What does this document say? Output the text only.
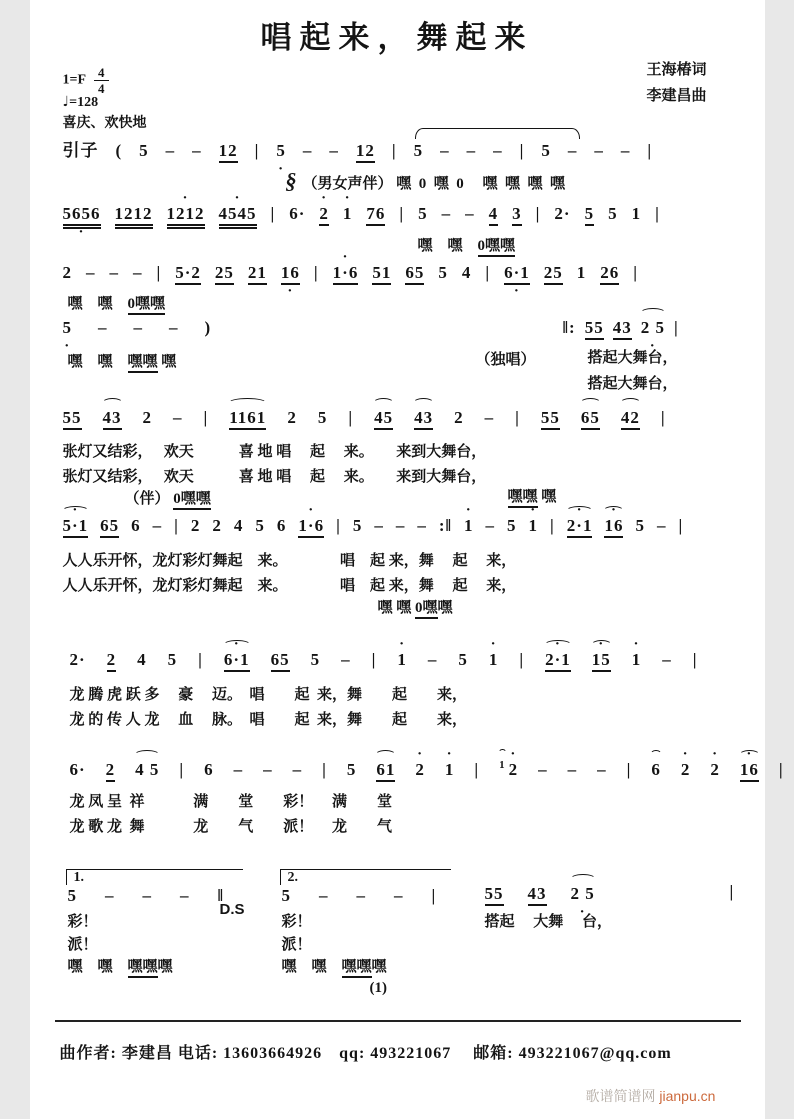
唱起来，舞起来
王海椿词
李建昌曲
$1=F \frac{4}{4}$
♩=128
喜庆、欢快地
引子 ( 5 – – 12 | 5 · – – 12 | 5 – – – | 5 – – – |
§ （男女声伴） 嘿  0  嘿  0　 嘿  嘿  嘿  嘿
5656 · 1212 1212 · 4545 · | 6· 2 · 1 · 76 | 5 – – 4 3 | 2· 5 5 1 |
嘿　嘿　0嘿嘿
2 – – – | 5·2 25 21 16 · | 1·6 · 51 65 5 4 | 6·1 · 25 1 26 |
嘿　嘿　0嘿嘿
5 · – – – )	‖: 55 43 2 5 · |
嘿　嘿　嘿嘿 嘿	（独唱）	搭起大舞台，
搭起大舞台，
55 43 2 – | 1161 2 5 | 45 43 2 – | 55 65 42 |
张灯又结彩，　 欢天　　　喜 地 唱　 起　 来。　　来到大舞台，
张灯又结彩，　 欢天　　　喜 地 唱　 起　 来。　　来到大舞台，
（伴） 0嘿嘿	嘿嘿 嘿
5·1 · 65 6 – | 2 2 4 5 6 1·6 · | 5 – – – :‖ 1 · – 5 1 · | 2·1 · 16 · 5 – |
人人乐开怀，龙灯彩灯舞起　来。　　　　唱　起 来，舞　 起　 来，
人人乐开怀，龙灯彩灯舞起　来。　　　　唱　起 来，舞　 起　 来，
嘿 嘿 0嘿嘿
2· 2 4 5 | 6·1 · 65 5 – | 1 · – 5 1 · | 2·1 · 15 · 1 · – |
龙 腾 虎 跃 多　 豪　 迈。　唱　　起  来，舞　　起　　来，
龙 的 传 人 龙　 血　 脉。　唱　　起  来，舞　　起　　来，
6· 2 4 5 | 6 – – – | 5 61 2 · 1 · | 1 2 · – – – | 6 2 · 2 · 16 · |
龙 凤 呈  祥　　　 满　　堂　　彩！　 满　　堂
龙 歌 龙  舞　　　 龙　　气　　派！　 龙　　气
5 – – – ‖	5 – – – |	55 43 2 5 ·	|
彩！	彩！	搭起　 大舞　 台，
派！	派！
嘿　嘿　嘿嘿嘿	嘿　嘿　嘿嘿嘿
(1)
1.	2.
D.S
曲作者: 李建昌 电话: 13603664926　qq: 493221067　 邮箱: 493221067@qq.com
歌谱简谱网 jianpu.cn
